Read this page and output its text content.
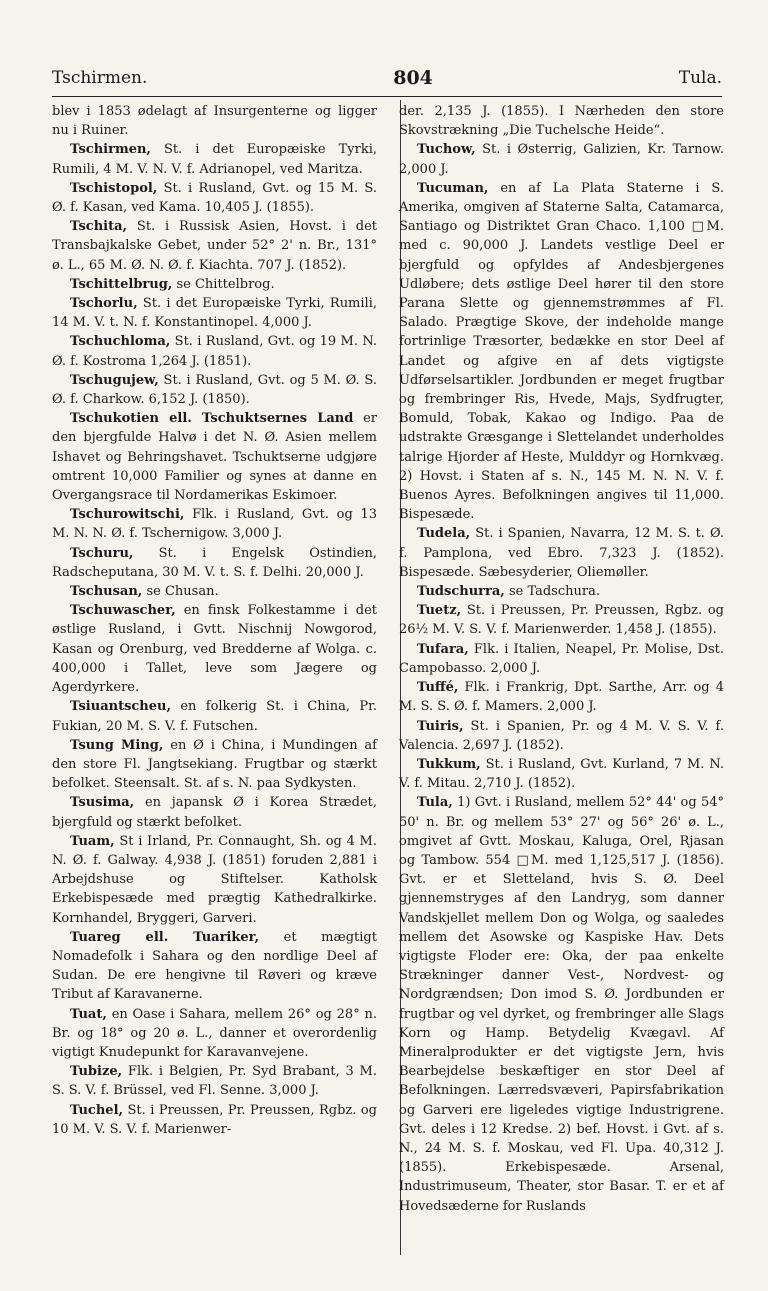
Tschirmen.	804	Tula.

blev i 1853 ødelagt af Insurgenterne og ligger nu i Ruiner.

Tschirmen, St. i det Europæiske Tyrki, Rumili, 4 M. V. N. V. f. Adrianopel, ved Maritza.

Tschistopol, St. i Rusland, Gvt. og 15 M. S. Ø. f. Kasan, ved Kama. 10,405 J. (1855).

Tschita, St. i Russisk Asien, Hovst. i det Transbajkalske Gebet, under 52° 2' n. Br., 131° ø. L., 65 M. Ø. N. Ø. f. Kiachta. 707 J. (1852).

Tschittelbrug, se Chittelbrog.

Tschorlu, St. i det Europæiske Tyrki, Rumili, 14 M. V. t. N. f. Konstantinopel. 4,000 J.

Tschuchloma, St. i Rusland, Gvt. og 19 M. N. Ø. f. Kostroma 1,264 J. (1851).

Tschugujew, St. i Rusland, Gvt. og 5 M. Ø. S. Ø. f. Charkow. 6,152 J. (1850).

Tschukotien ell. Tschuktsernes Land er den bjergfulde Halvø i det N. Ø. Asien mellem Ishavet og Behringshavet. Tschuktserne udgjøre omtrent 10,000 Familier og synes at danne en Overgangsrace til Nordamerikas Eskimoer.

Tschurowitschi, Flk. i Rusland, Gvt. og 13 M. N. N. Ø. f. Tschernigow. 3,000 J.

Tschuru, St. i Engelsk Ostindien, Radscheputana, 30 M. V. t. S. f. Delhi. 20,000 J.

Tschusan, se Chusan.

Tschuwascher, en finsk Folkestamme i det østlige Rusland, i Gvtt. Nischnij Nowgorod, Kasan og Orenburg, ved Bredderne af Wolga. c. 400,000 i Tallet, leve som Jægere og Agerdyrkere.

Tsiuantscheu, en folkerig St. i China, Pr. Fukian, 20 M. S. V. f. Futschen.

Tsung Ming, en Ø i China, i Mundingen af den store Fl. Jangtsekiang. Frugtbar og stærkt befolket. Steensalt. St. af s. N. paa Sydkysten.

Tsusima, en japansk Ø i Korea Strædet, bjergfuld og stærkt befolket.

Tuam, St i Irland, Pr. Connaught, Sh. og 4 M. N. Ø. f. Galway. 4,938 J. (1851) foruden 2,881 i Arbejdshuse og Stiftelser. Katholsk Erkebispesæde med prægtig Kathedralkirke. Kornhandel, Bryggeri, Garveri.

Tuareg ell. Tuariker, et mægtigt Nomadefolk i Sahara og den nordlige Deel af Sudan. De ere hengivne til Røveri og kræve Tribut af Karavanerne.

Tuat, en Oase i Sahara, mellem 26° og 28° n. Br. og 18° og 20 ø. L., danner et overordenlig vigtigt Knudepunkt for Karavanvejene.

Tubize, Flk. i Belgien, Pr. Syd Brabant, 3 M. S. S. V. f. Brüssel, ved Fl. Senne. 3,000 J.

Tuchel, St. i Preussen, Pr. Preussen, Rgbz. og 10 M. V. S. V. f. Marienwer-

der. 2,135 J. (1855). I Nærheden den store Skovstrækning „Die Tuchelsche Heide“.

Tuchow, St. i Østerrig, Galizien, Kr. Tarnow. 2,000 J.

Tucuman, en af La Plata Staterne i S. Amerika, omgiven af Staterne Salta, Catamarca, Santiago og Distriktet Gran Chaco. 1,100 □M. med c. 90,000 J. Landets vestlige Deel er bjergfuld og opfyldes af Andesbjergenes Udløbere; dets østlige Deel hører til den store Parana Slette og gjennemstrømmes af Fl. Salado. Prægtige Skove, der indeholde mange fortrinlige Træsorter, bedække en stor Deel af Landet og afgive en af dets vigtigste Udførselsartikler. Jordbunden er meget frugtbar og frembringer Ris, Hvede, Majs, Sydfrugter, Bomuld, Tobak, Kakao og Indigo. Paa de udstrakte Græsgange i Slettelandet underholdes talrige Hjorder af Heste, Mulddyr og Hornkvæg. 2) Hovst. i Staten af s. N., 145 M. N. N. V. f. Buenos Ayres. Befolkningen angives til 11,000. Bispesæde.

Tudela, St. i Spanien, Navarra, 12 M. S. t. Ø. f. Pamplona, ved Ebro. 7,323 J. (1852). Bispesæde. Sæbesyderier, Oliemøller.

Tudschurra, se Tadschura.

Tuetz, St. i Preussen, Pr. Preussen, Rgbz. og 26½ M. V. S. V. f. Marienwerder. 1,458 J. (1855).

Tufara, Flk. i Italien, Neapel, Pr. Molise, Dst. Campobasso. 2,000 J.

Tuffé, Flk. i Frankrig, Dpt. Sarthe, Arr. og 4 M. S. S. Ø. f. Mamers. 2,000 J.

Tuiris, St. i Spanien, Pr. og 4 M. V. S. V. f. Valencia. 2,697 J. (1852).

Tukkum, St. i Rusland, Gvt. Kurland, 7 M. N. V. f. Mitau. 2,710 J. (1852).

Tula, 1) Gvt. i Rusland, mellem 52° 44' og 54° 50' n. Br. og mellem 53° 27' og 56° 26' ø. L., omgivet af Gvtt. Moskau, Kaluga, Orel, Rjasan og Tambow. 554 □M. med 1,125,517 J. (1856). Gvt. er et Sletteland, hvis S. Ø. Deel gjennemstryges af den Landryg, som danner Vandskjellet mellem Don og Wolga, og saaledes mellem det Asowske og Kaspiske Hav. Dets vigtigste Floder ere: Oka, der paa enkelte Strækninger danner Vest-, Nordvest- og Nordgrændsen; Don imod S. Ø. Jordbunden er frugtbar og vel dyrket, og frembringer alle Slags Korn og Hamp. Betydelig Kvægavl. Af Mineralprodukter er det vigtigste Jern, hvis Bearbejdelse beskæftiger en stor Deel af Befolkningen. Lærredsvæveri, Papirsfabrikation og Garveri ere ligeledes vigtige Industrigrene. Gvt. deles i 12 Kredse. 2) bef. Hovst. i Gvt. af s. N., 24 M. S. f. Moskau, ved Fl. Upa. 40,312 J. (1855). Erkebispesæde. Arsenal, Industrimuseum, Theater, stor Basar. T. er et af Hovedsæderne for Ruslands
